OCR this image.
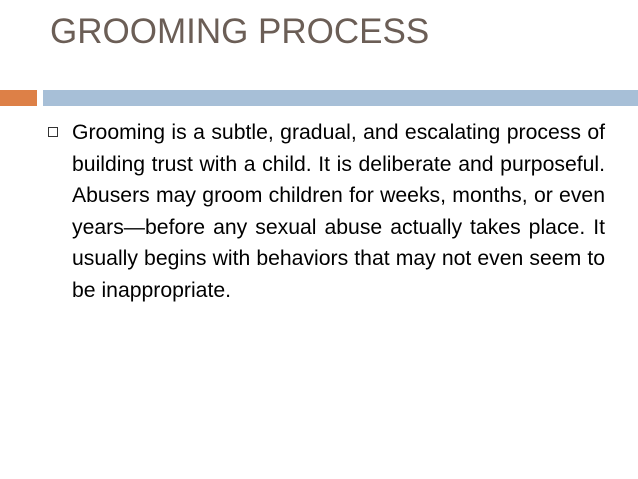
GROOMING PROCESS
Grooming is a subtle, gradual, and escalating process of building trust with a child. It is deliberate and purposeful. Abusers may groom children for weeks, months, or even years—before any sexual abuse actually takes place. It usually begins with behaviors that may not even seem to be inappropriate.
